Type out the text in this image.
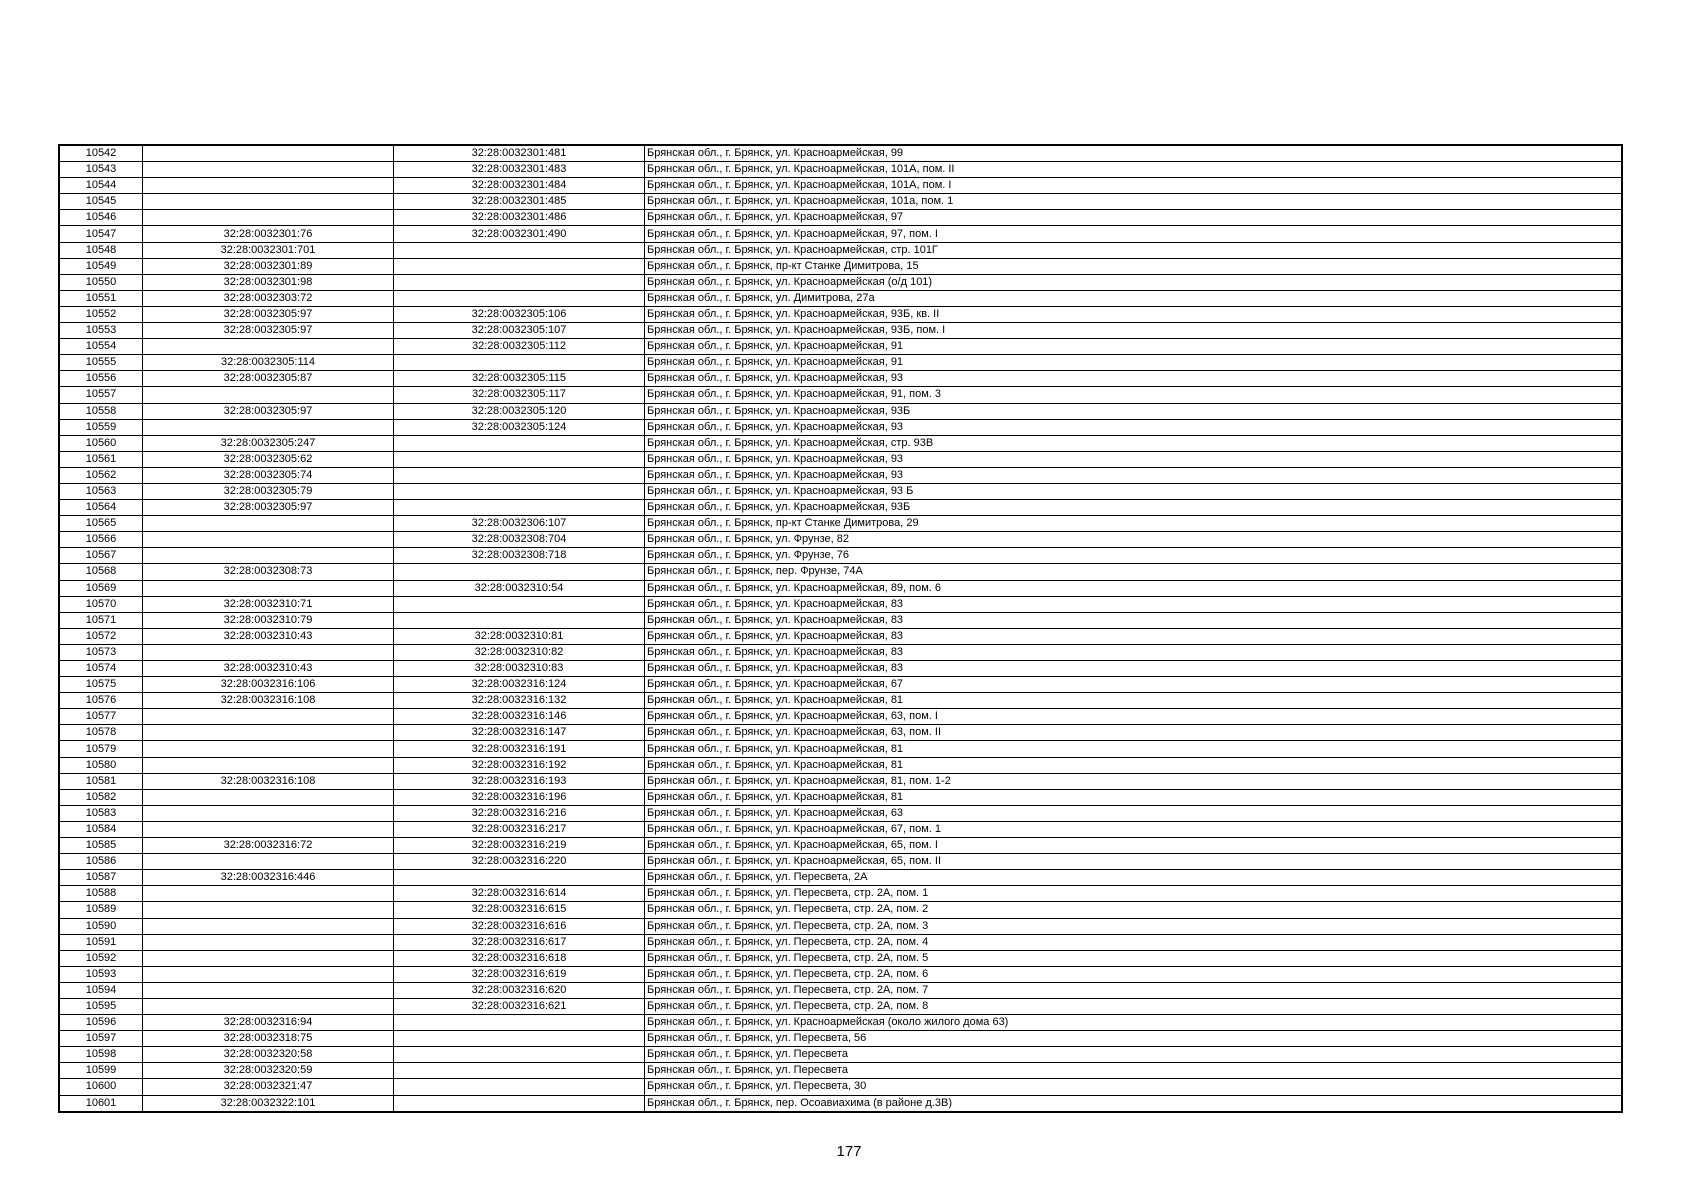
10542		32:28:0032301:481	Брянская обл., г. Брянск, ул. Красноармейская, 99
10543		32:28:0032301:483	Брянская обл., г. Брянск, ул. Красноармейская, 101А, пом. II
10544		32:28:0032301:484	Брянская обл., г. Брянск, ул. Красноармейская, 101А, пом. I
10545		32:28:0032301:485	Брянская обл., г. Брянск, ул. Красноармейская, 101а, пом. 1
10546		32:28:0032301:486	Брянская обл., г. Брянск, ул. Красноармейская, 97
10547	32:28:0032301:76	32:28:0032301:490	Брянская обл., г. Брянск, ул. Красноармейская, 97, пом. I
10548	32:28:0032301:701		Брянская обл., г. Брянск, ул. Красноармейская, стр. 101Г
10549	32:28:0032301:89		Брянская обл., г. Брянск, пр-кт Станке Димитрова, 15
10550	32:28:0032301:98		Брянская обл., г. Брянск, ул. Красноармейская (о/д 101)
10551	32:28:0032303:72		Брянская обл., г. Брянск, ул. Димитрова, 27а
10552	32:28:0032305:97	32:28:0032305:106	Брянская обл., г. Брянск, ул. Красноармейская, 93Б, кв. II
10553	32:28:0032305:97	32:28:0032305:107	Брянская обл., г. Брянск, ул. Красноармейская, 93Б, пом. I
10554		32:28:0032305:112	Брянская обл., г. Брянск, ул. Красноармейская, 91
10555	32:28:0032305:114		Брянская обл., г. Брянск, ул. Красноармейская, 91
10556	32:28:0032305:87	32:28:0032305:115	Брянская обл., г. Брянск, ул. Красноармейская, 93
10557		32:28:0032305:117	Брянская обл., г. Брянск, ул. Красноармейская, 91, пом. 3
10558	32:28:0032305:97	32:28:0032305:120	Брянская обл., г. Брянск, ул. Красноармейская, 93Б
10559		32:28:0032305:124	Брянская обл., г. Брянск, ул. Красноармейская, 93
10560	32:28:0032305:247		Брянская обл., г. Брянск, ул. Красноармейская, стр. 93В
10561	32:28:0032305:62		Брянская обл., г. Брянск, ул. Красноармейская, 93
10562	32:28:0032305:74		Брянская обл., г. Брянск, ул. Красноармейская, 93
10563	32:28:0032305:79		Брянская обл., г. Брянск, ул. Красноармейская, 93 Б
10564	32:28:0032305:97		Брянская обл., г. Брянск, ул. Красноармейская, 93Б
10565		32:28:0032306:107	Брянская обл., г. Брянск, пр-кт Станке Димитрова, 29
10566		32:28:0032308:704	Брянская обл., г. Брянск, ул. Фрунзе, 82
10567		32:28:0032308:718	Брянская обл., г. Брянск, ул. Фрунзе, 76
10568	32:28:0032308:73		Брянская обл., г. Брянск, пер. Фрунзе, 74А
10569		32:28:0032310:54	Брянская обл., г. Брянск, ул. Красноармейская, 89, пом. 6
10570	32:28:0032310:71		Брянская обл., г. Брянск, ул. Красноармейская, 83
10571	32:28:0032310:79		Брянская обл., г. Брянск, ул. Красноармейская, 83
10572	32:28:0032310:43	32:28:0032310:81	Брянская обл., г. Брянск, ул. Красноармейская, 83
10573		32:28:0032310:82	Брянская обл., г. Брянск, ул. Красноармейская, 83
10574	32:28:0032310:43	32:28:0032310:83	Брянская обл., г. Брянск, ул. Красноармейская, 83
10575	32:28:0032316:106	32:28:0032316:124	Брянская обл., г. Брянск, ул. Красноармейская, 67
10576	32:28:0032316:108	32:28:0032316:132	Брянская обл., г. Брянск, ул. Красноармейская, 81
10577		32:28:0032316:146	Брянская обл., г. Брянск, ул. Красноармейская, 63, пом. I
10578		32:28:0032316:147	Брянская обл., г. Брянск, ул. Красноармейская, 63, пом. II
10579		32:28:0032316:191	Брянская обл., г. Брянск, ул. Красноармейская, 81
10580		32:28:0032316:192	Брянская обл., г. Брянск, ул. Красноармейская, 81
10581	32:28:0032316:108	32:28:0032316:193	Брянская обл., г. Брянск, ул. Красноармейская, 81, пом. 1-2
10582		32:28:0032316:196	Брянская обл., г. Брянск, ул. Красноармейская, 81
10583		32:28:0032316:216	Брянская обл., г. Брянск, ул. Красноармейская, 63
10584		32:28:0032316:217	Брянская обл., г. Брянск, ул. Красноармейская, 67, пом. 1
10585	32:28:0032316:72	32:28:0032316:219	Брянская обл., г. Брянск, ул. Красноармейская, 65, пом. I
10586		32:28:0032316:220	Брянская обл., г. Брянск, ул. Красноармейская, 65, пом. II
10587	32:28:0032316:446		Брянская обл., г. Брянск, ул. Пересвета, 2А
10588		32:28:0032316:614	Брянская обл., г. Брянск, ул. Пересвета, стр. 2А, пом. 1
10589		32:28:0032316:615	Брянская обл., г. Брянск, ул. Пересвета, стр. 2А, пом. 2
10590		32:28:0032316:616	Брянская обл., г. Брянск, ул. Пересвета, стр. 2А, пом. 3
10591		32:28:0032316:617	Брянская обл., г. Брянск, ул. Пересвета, стр. 2А, пом. 4
10592		32:28:0032316:618	Брянская обл., г. Брянск, ул. Пересвета, стр. 2А, пом. 5
10593		32:28:0032316:619	Брянская обл., г. Брянск, ул. Пересвета, стр. 2А, пом. 6
10594		32:28:0032316:620	Брянская обл., г. Брянск, ул. Пересвета, стр. 2А, пом. 7
10595		32:28:0032316:621	Брянская обл., г. Брянск, ул. Пересвета, стр. 2А, пом. 8
10596	32:28:0032316:94		Брянская обл., г. Брянск, ул. Красноармейская (около жилого дома 63)
10597	32:28:0032318:75		Брянская обл., г. Брянск, ул. Пересвета, 56
10598	32:28:0032320:58		Брянская обл., г. Брянск, ул. Пересвета
10599	32:28:0032320:59		Брянская обл., г. Брянск, ул. Пересвета
10600	32:28:0032321:47		Брянская обл., г. Брянск, ул. Пересвета, 30
10601	32:28:0032322:101		Брянская обл., г. Брянск, пер. Осоавиахима (в районе д.3В)
177
